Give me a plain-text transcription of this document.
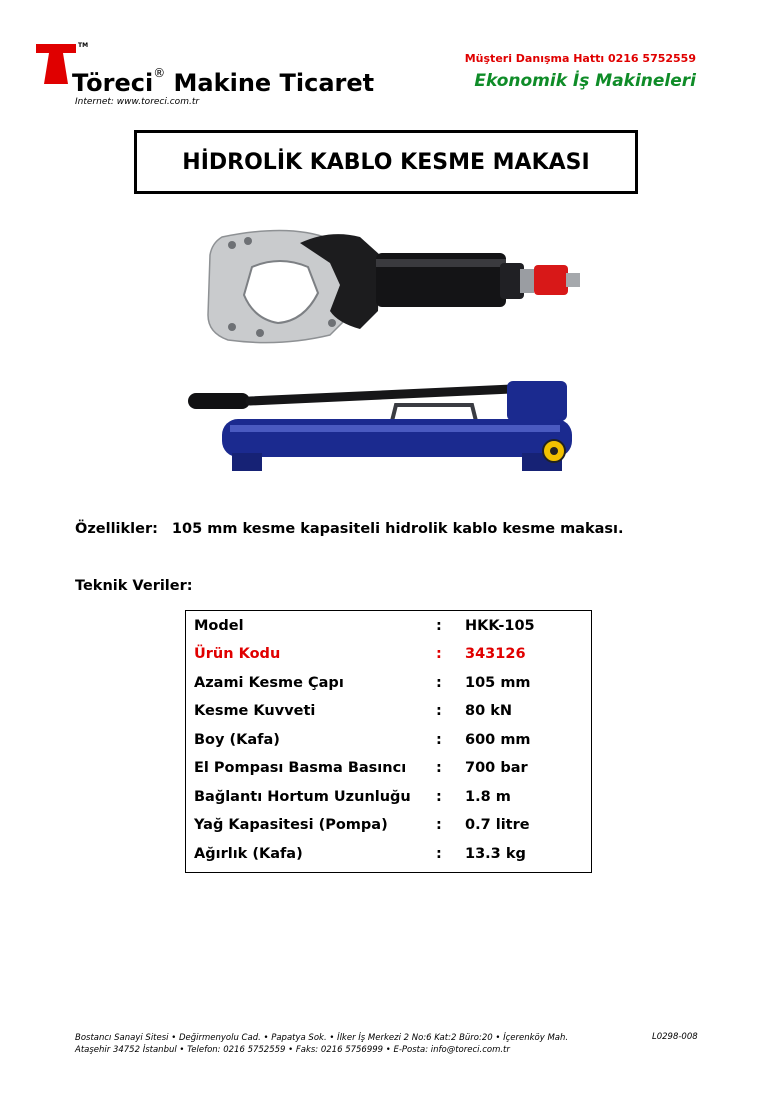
TM
Töreci® Makine Ticaret
Internet: www.toreci.com.tr
Müşteri Danışma Hattı 0216 5752559
Ekonomik İş Makineleri
HİDROLİK KABLO KESME MAKASI
Özellikler: 105 mm kesme kapasiteli hidrolik kablo kesme makası.
Teknik Veriler:
Model	: HKK-105
Ürün Kodu	: 343126
Azami Kesme Çapı	: 105 mm
Kesme Kuvveti	: 80 kN
Boy (Kafa)	: 600 mm
El Pompası Basma Basıncı : 700 bar
Bağlantı Hortum Uzunluğu : 1.8 m
Yağ Kapasitesi (Pompa)	: 0.7 litre
Ağırlık (Kafa)	: 13.3 kg
Bostancı Sanayi Sitesi • Değirmenyolu Cad. • Papatya Sok. • İlker İş Merkezi 2 No:6 Kat:2 Büro:20 • İçerenköy Mah.
Ataşehir 34752 İstanbul • Telefon: 0216 5752559 • Faks: 0216 5756999 • E-Posta: info@toreci.com.tr
L0298-008
